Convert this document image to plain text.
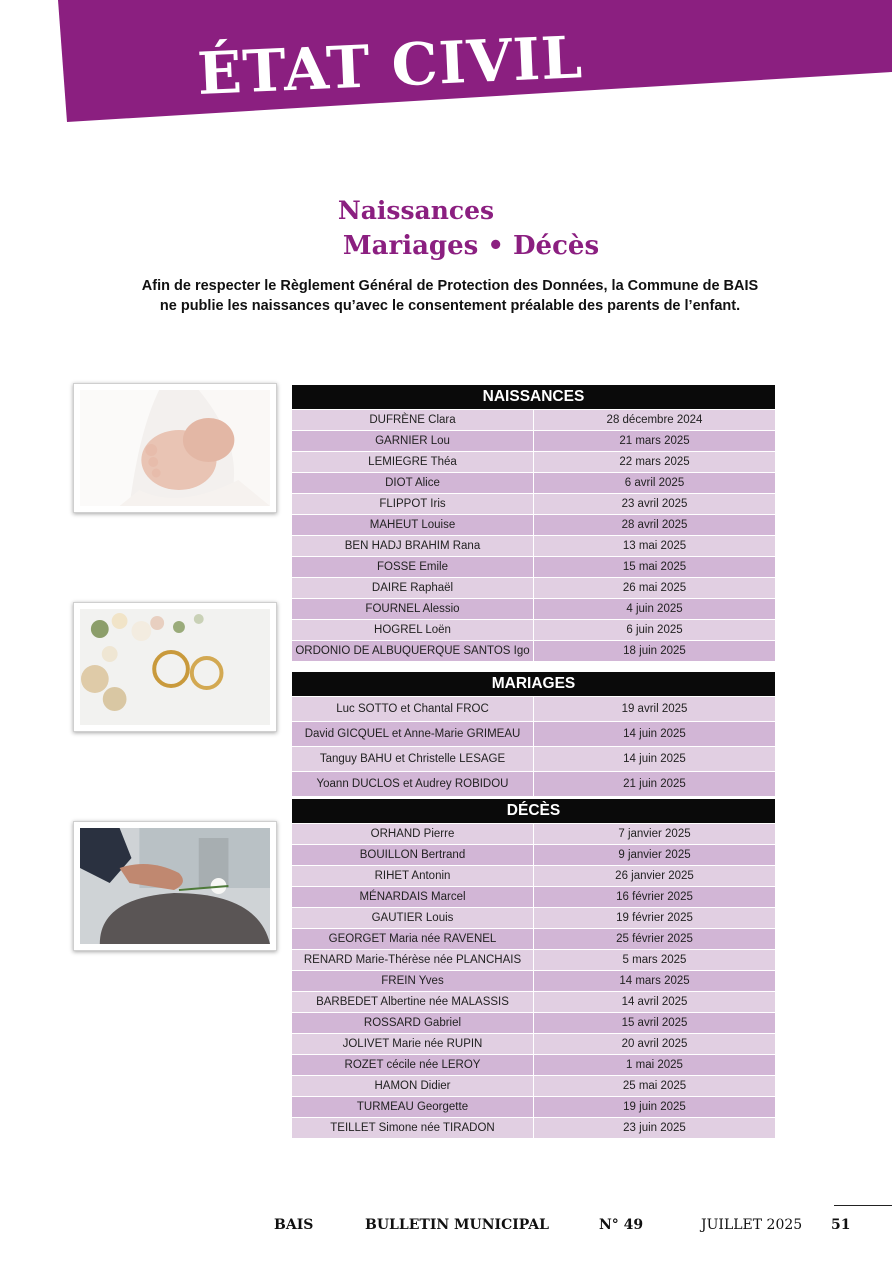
ÉTAT CIVIL
Naissances
Mariages • Décès
Afin de respecter le Règlement Général de Protection des Données, la Commune de BAIS
ne publie les naissances qu’avec le consentement préalable des parents de l’enfant.
NAISSANCES	
DUFRÈNE Clara	28 décembre 2024
GARNIER Lou	21 mars 2025
LEMIEGRE Théa	22 mars 2025
DIOT Alice	6 avril 2025
FLIPPOT Iris	23 avril 2025
MAHEUT Louise	28 avril 2025
BEN HADJ BRAHIM Rana	13 mai 2025
FOSSE Emile	15 mai 2025
DAIRE Raphaël	26 mai 2025
FOURNEL Alessio	4 juin 2025
HOGREL Loën	6 juin 2025
ORDONIO DE ALBUQUERQUE SANTOS Igo	18 juin 2025
MARIAGES	
Luc SOTTO et Chantal FROC	19 avril 2025
David GICQUEL et Anne-Marie GRIMEAU	14 juin 2025
Tanguy BAHU et Christelle LESAGE	14 juin 2025
Yoann DUCLOS et Audrey ROBIDOU	21 juin 2025
DÉCÈS	
ORHAND Pierre	7 janvier 2025
BOUILLON Bertrand	9 janvier 2025
RIHET Antonin	26 janvier 2025
MÉNARDAIS Marcel	16 février 2025
GAUTIER Louis	19 février 2025
GEORGET Maria née RAVENEL	25 février 2025
RENARD Marie-Thérèse née PLANCHAIS	5 mars 2025
FREIN Yves	14 mars 2025
BARBEDET Albertine née MALASSIS	14 avril 2025
ROSSARD Gabriel	15 avril 2025
JOLIVET Marie née RUPIN	20 avril 2025
ROZET cécile née LEROY	1 mai 2025
HAMON Didier	25 mai 2025
TURMEAU Georgette	19 juin 2025
TEILLET Simone née TIRADON	23 juin 2025
BAIS	BULLETIN MUNICIPAL	N° 49	JUILLET 2025 51
